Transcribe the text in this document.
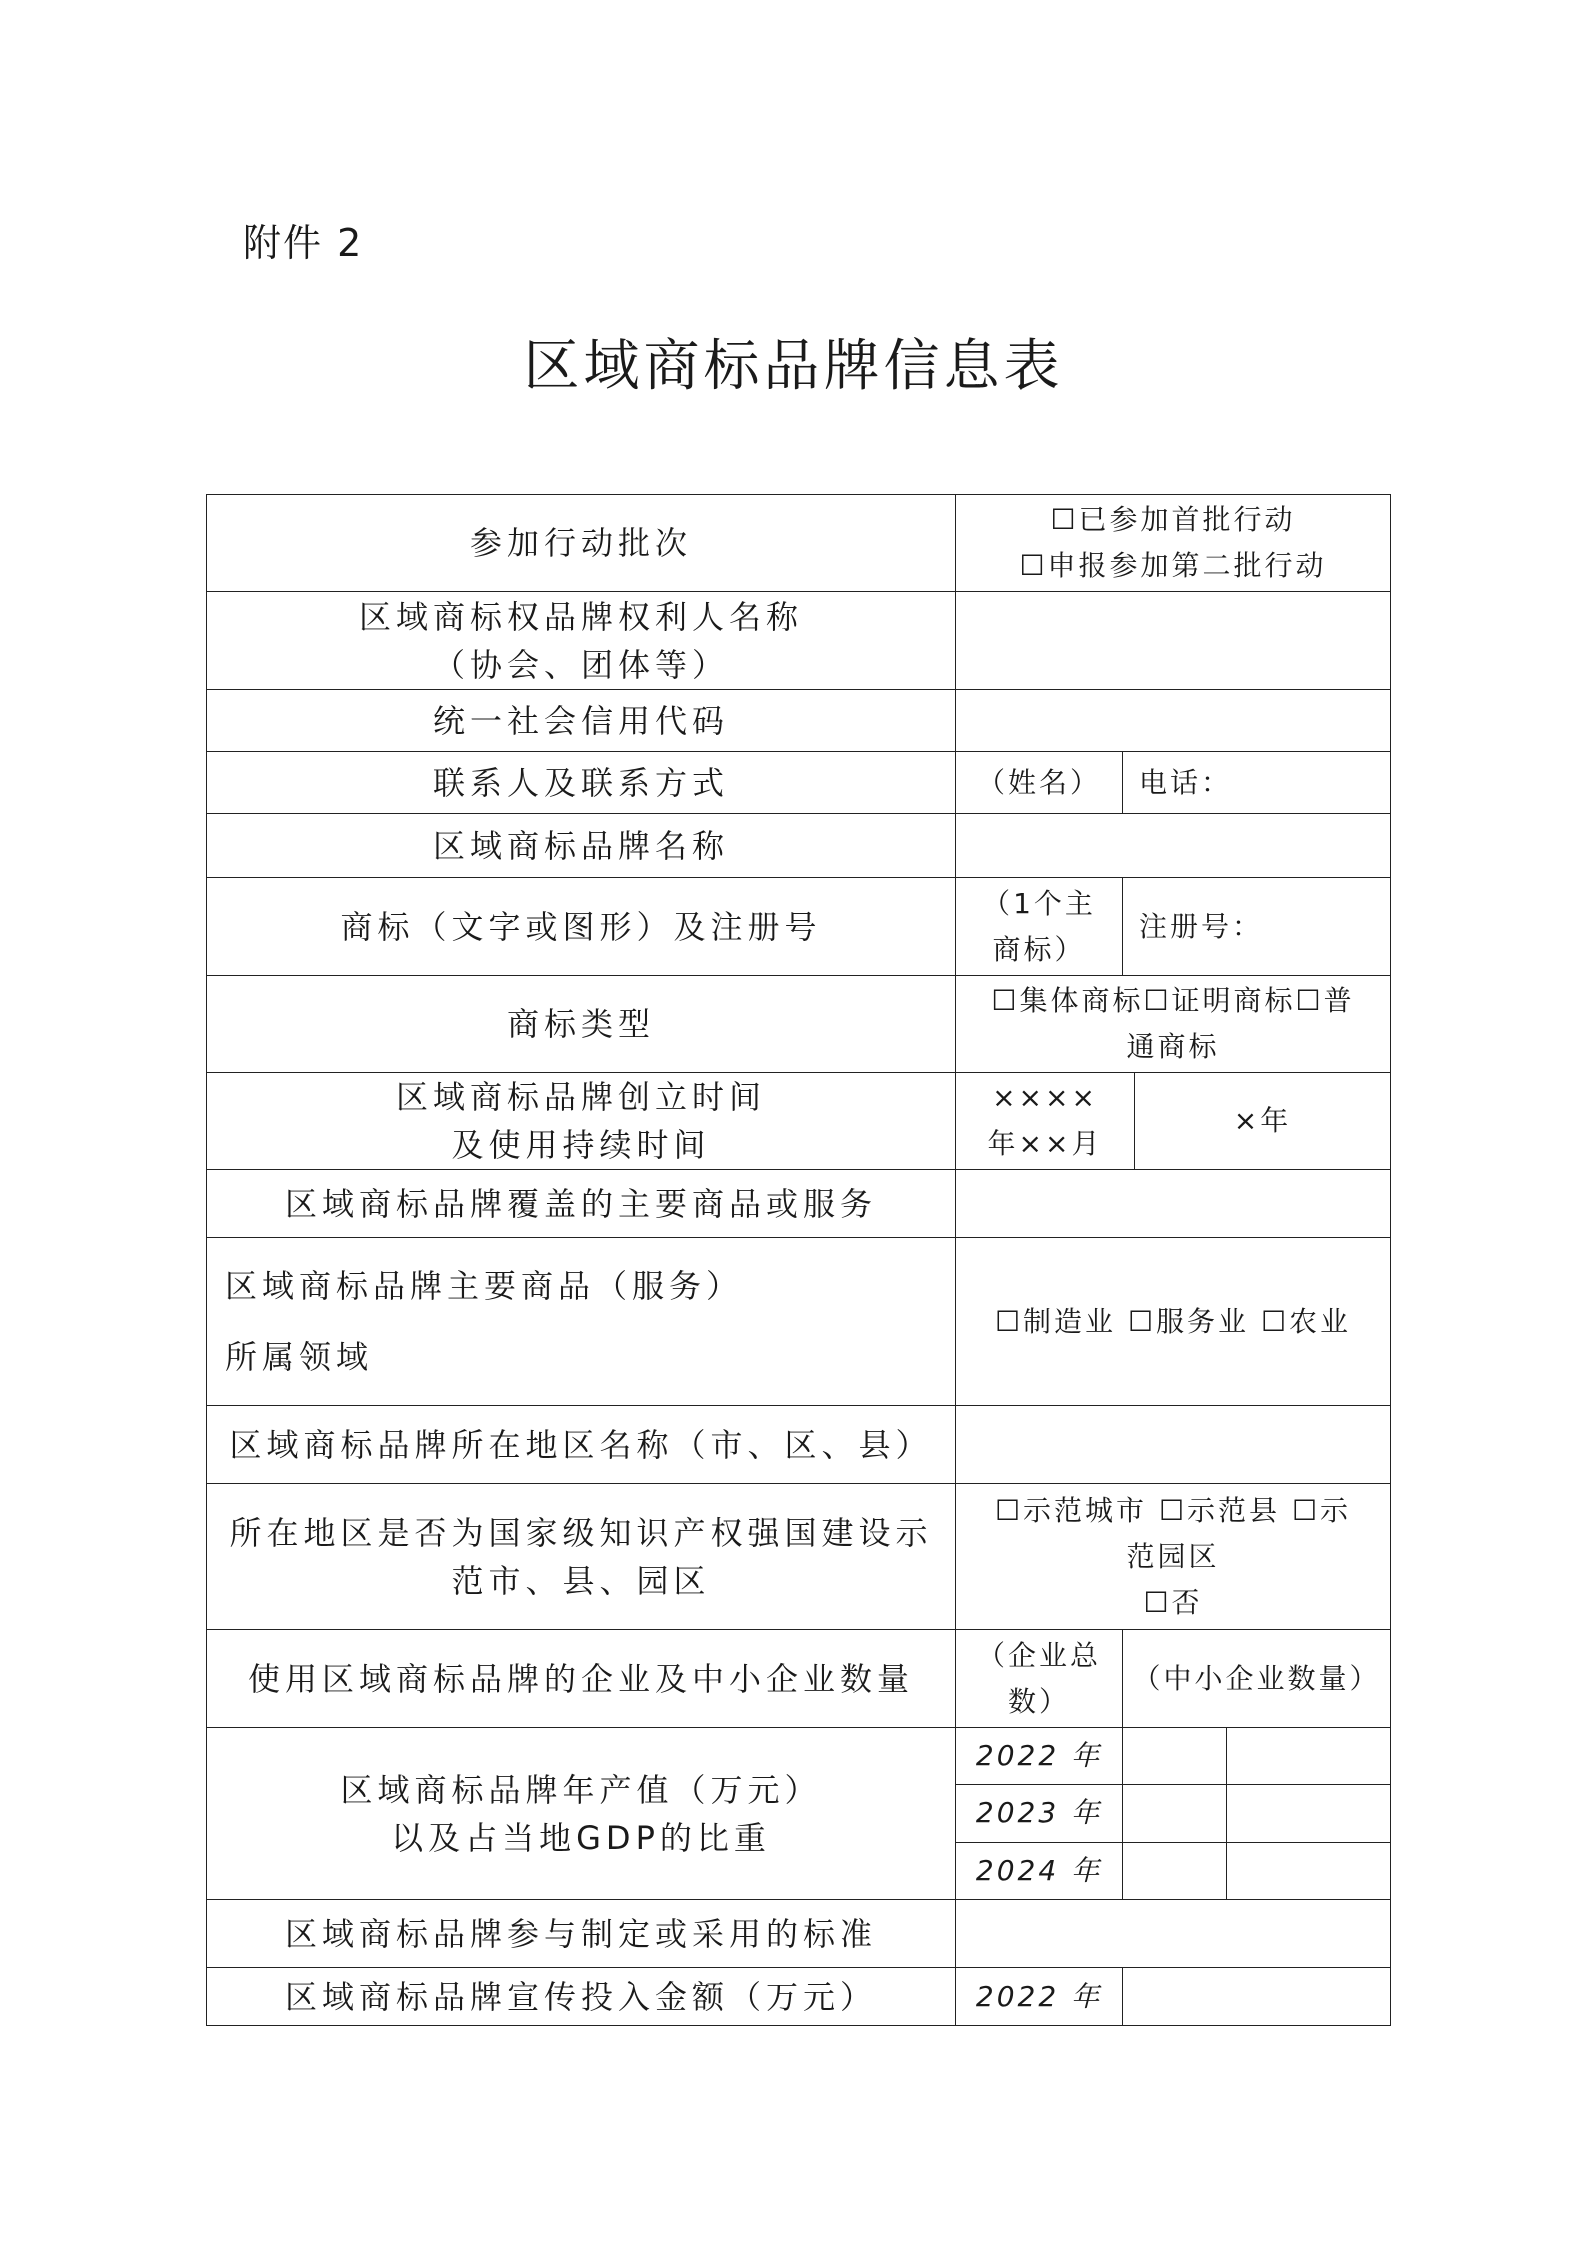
附件 2
区域商标品牌信息表
参加行动批次
☐已参加首批行动
☐申报参加第二批行动
区域商标权品牌权利人名称
（协会、团体等）
统一社会信用代码
联系人及联系方式	（姓名） 电话：
区域商标品牌名称
商标（文字或图形）及注册号
（1个主
商标）
注册号：
商标类型
☐集体商标☐证明商标☐普
通商标
区域商标品牌创立时间
及使用持续时间
××××
年××月
×年
区域商标品牌覆盖的主要商品或服务
区域商标品牌主要商品（服务）
所属领域
☐制造业 ☐服务业 ☐农业
区域商标品牌所在地区名称（市、区、县）
所在地区是否为国家级知识产权强国建设示
范市、县、园区
☐示范城市 ☐示范县 ☐示
范园区
☐否
使用区域商标品牌的企业及中小企业数量
（企业总
数）
（中小企业数量）
区域商标品牌年产值（万元）
以及占当地GDP的比重
2022 年
2023 年
2024 年
区域商标品牌参与制定或采用的标准
区域商标品牌宣传投入金额（万元）	2022 年
